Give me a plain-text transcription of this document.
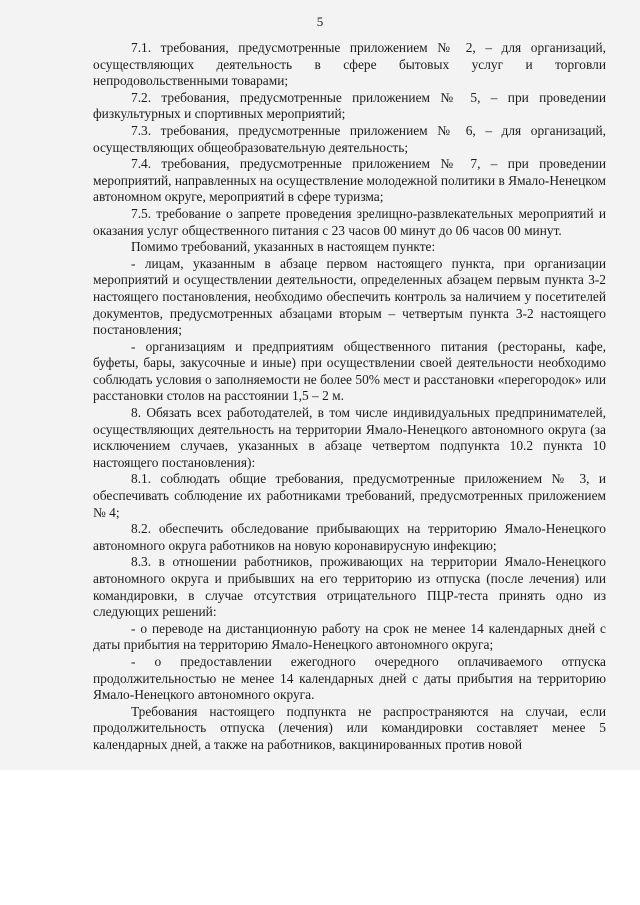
5

7.1. требования, предусмотренные приложением № 2, – для организаций, осуществляющих деятельность в сфере бытовых услуг и торговли непродовольственными товарами;

7.2. требования, предусмотренные приложением № 5, – при проведении физкультурных и спортивных мероприятий;

7.3. требования, предусмотренные приложением № 6, – для организаций, осуществляющих общеобразовательную деятельность;

7.4. требования, предусмотренные приложением № 7, – при проведении мероприятий, направленных на осуществление молодежной политики в Ямало-Ненецком автономном округе, мероприятий в сфере туризма;

7.5. требование о запрете проведения зрелищно-развлекательных мероприятий и оказания услуг общественного питания с 23 часов 00 минут до 06 часов 00 минут.

Помимо требований, указанных в настоящем пункте:

- лицам, указанным в абзаце первом настоящего пункта, при организации мероприятий и осуществлении деятельности, определенных абзацем первым пункта 3-2 настоящего постановления, необходимо обеспечить контроль за наличием у посетителей документов, предусмотренных абзацами вторым – четвертым пункта 3-2 настоящего постановления;

- организациям и предприятиям общественного питания (рестораны, кафе, буфеты, бары, закусочные и иные) при осуществлении своей деятельности необходимо соблюдать условия о заполняемости не более 50% мест и расстановки «перегородок» или расстановки столов на расстоянии 1,5 – 2 м.

8. Обязать всех работодателей, в том числе индивидуальных предпринимателей, осуществляющих деятельность на территории Ямало-Ненецкого автономного округа (за исключением случаев, указанных в абзаце четвертом подпункта 10.2 пункта 10 настоящего постановления):

8.1. соблюдать общие требования, предусмотренные приложением № 3, и обеспечивать соблюдение их работниками требований, предусмотренных приложением № 4;

8.2. обеспечить обследование прибывающих на территорию Ямало-Ненецкого автономного округа работников на новую коронавирусную инфекцию;

8.3. в отношении работников, проживающих на территории Ямало-Ненецкого автономного округа и прибывших на его территорию из отпуска (после лечения) или командировки, в случае отсутствия отрицательного ПЦР-теста принять одно из следующих решений:

- о переводе на дистанционную работу на срок не менее 14 календарных дней с даты прибытия на территорию Ямало-Ненецкого автономного округа;

- о предоставлении ежегодного очередного оплачиваемого отпуска продолжительностью не менее 14 календарных дней с даты прибытия на территорию Ямало-Ненецкого автономного округа.

Требования настоящего подпункта не распространяются на случаи, если продолжительность отпуска (лечения) или командировки составляет менее 5 календарных дней, а также на работников, вакцинированных против новой
